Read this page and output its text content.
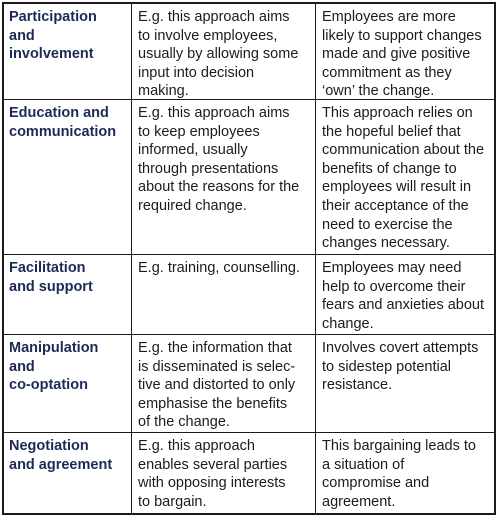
Participation
and
involvement
E.g. this approach aims
to involve employees,
usually by allowing some
input into decision
making.
Employees are more
likely to support changes
made and give positive
commitment as they
‘own’ the change.
Education and
communication
E.g. this approach aims
to keep employees
informed, usually
through presentations
about the reasons for the
required change.
This approach relies on
the hopeful belief that
communication about the
benefits of change to
employees will result in
their acceptance of the
need to exercise the
changes necessary.
Facilitation
and support
E.g. training, counselling.	Employees may need
help to overcome their
fears and anxieties about
change.
Manipulation
and
co-optation
E.g. the information that
is disseminated is selec-
tive and distorted to only
emphasise the benefits
of the change.
Involves covert attempts
to sidestep potential
resistance.
Negotiation
and agreement
E.g. this approach
enables several parties
with opposing interests
to bargain.
This bargaining leads to
a situation of
compromise and
agreement.
